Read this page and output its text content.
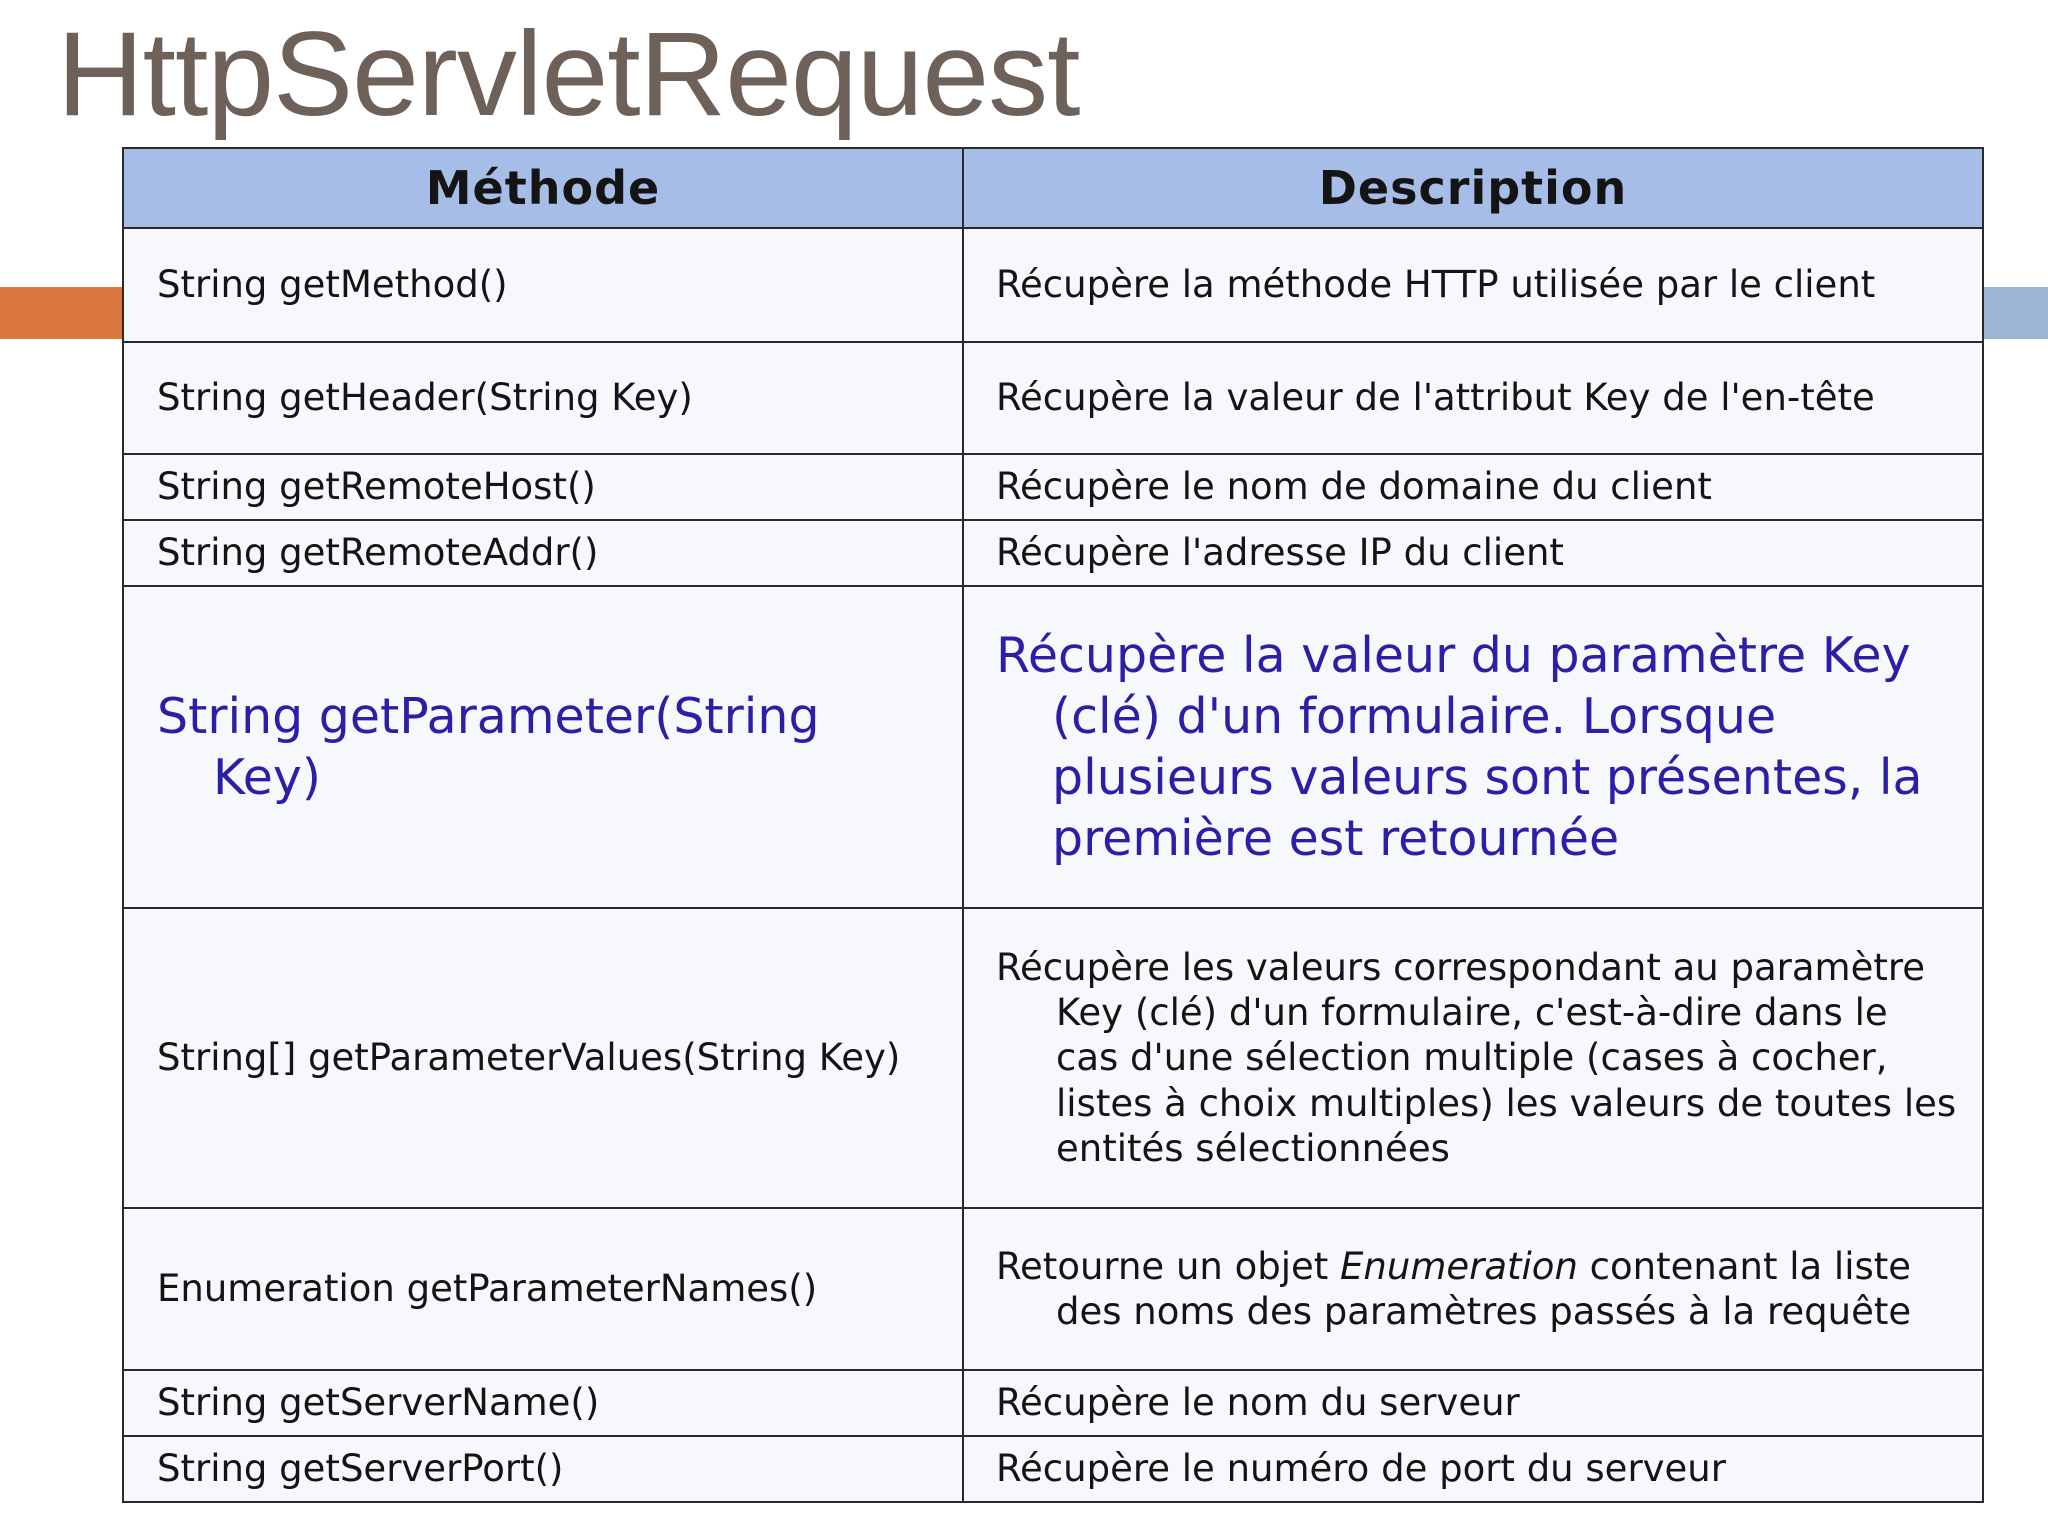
HttpServletRequest
Méthode	Description

String getMethod()	Récupère la méthode HTTP utilisée par le client

String getHeader(String Key)	Récupère la valeur de l'attribut Key de l'en-tête

String getRemoteHost()	Récupère le nom de domaine du client

String getRemoteAddr()	Récupère l'adresse IP du client

String getParameter(String Key)	Récupère la valeur du paramètre Key (clé) d'un formulaire. Lorsque plusieurs valeurs sont présentes, la première est retournée

String[] getParameterValues(String Key)	Récupère les valeurs correspondant au paramètre Key (clé) d'un formulaire, c'est-à-dire dans le cas d'une sélection multiple (cases à cocher, listes à choix multiples) les valeurs de toutes les entités sélectionnées

Enumeration getParameterNames()	Retourne un objet Enumeration contenant la liste des noms des paramètres passés à la requête

String getServerName()	Récupère le nom du serveur

String getServerPort()	Récupère le numéro de port du serveur
